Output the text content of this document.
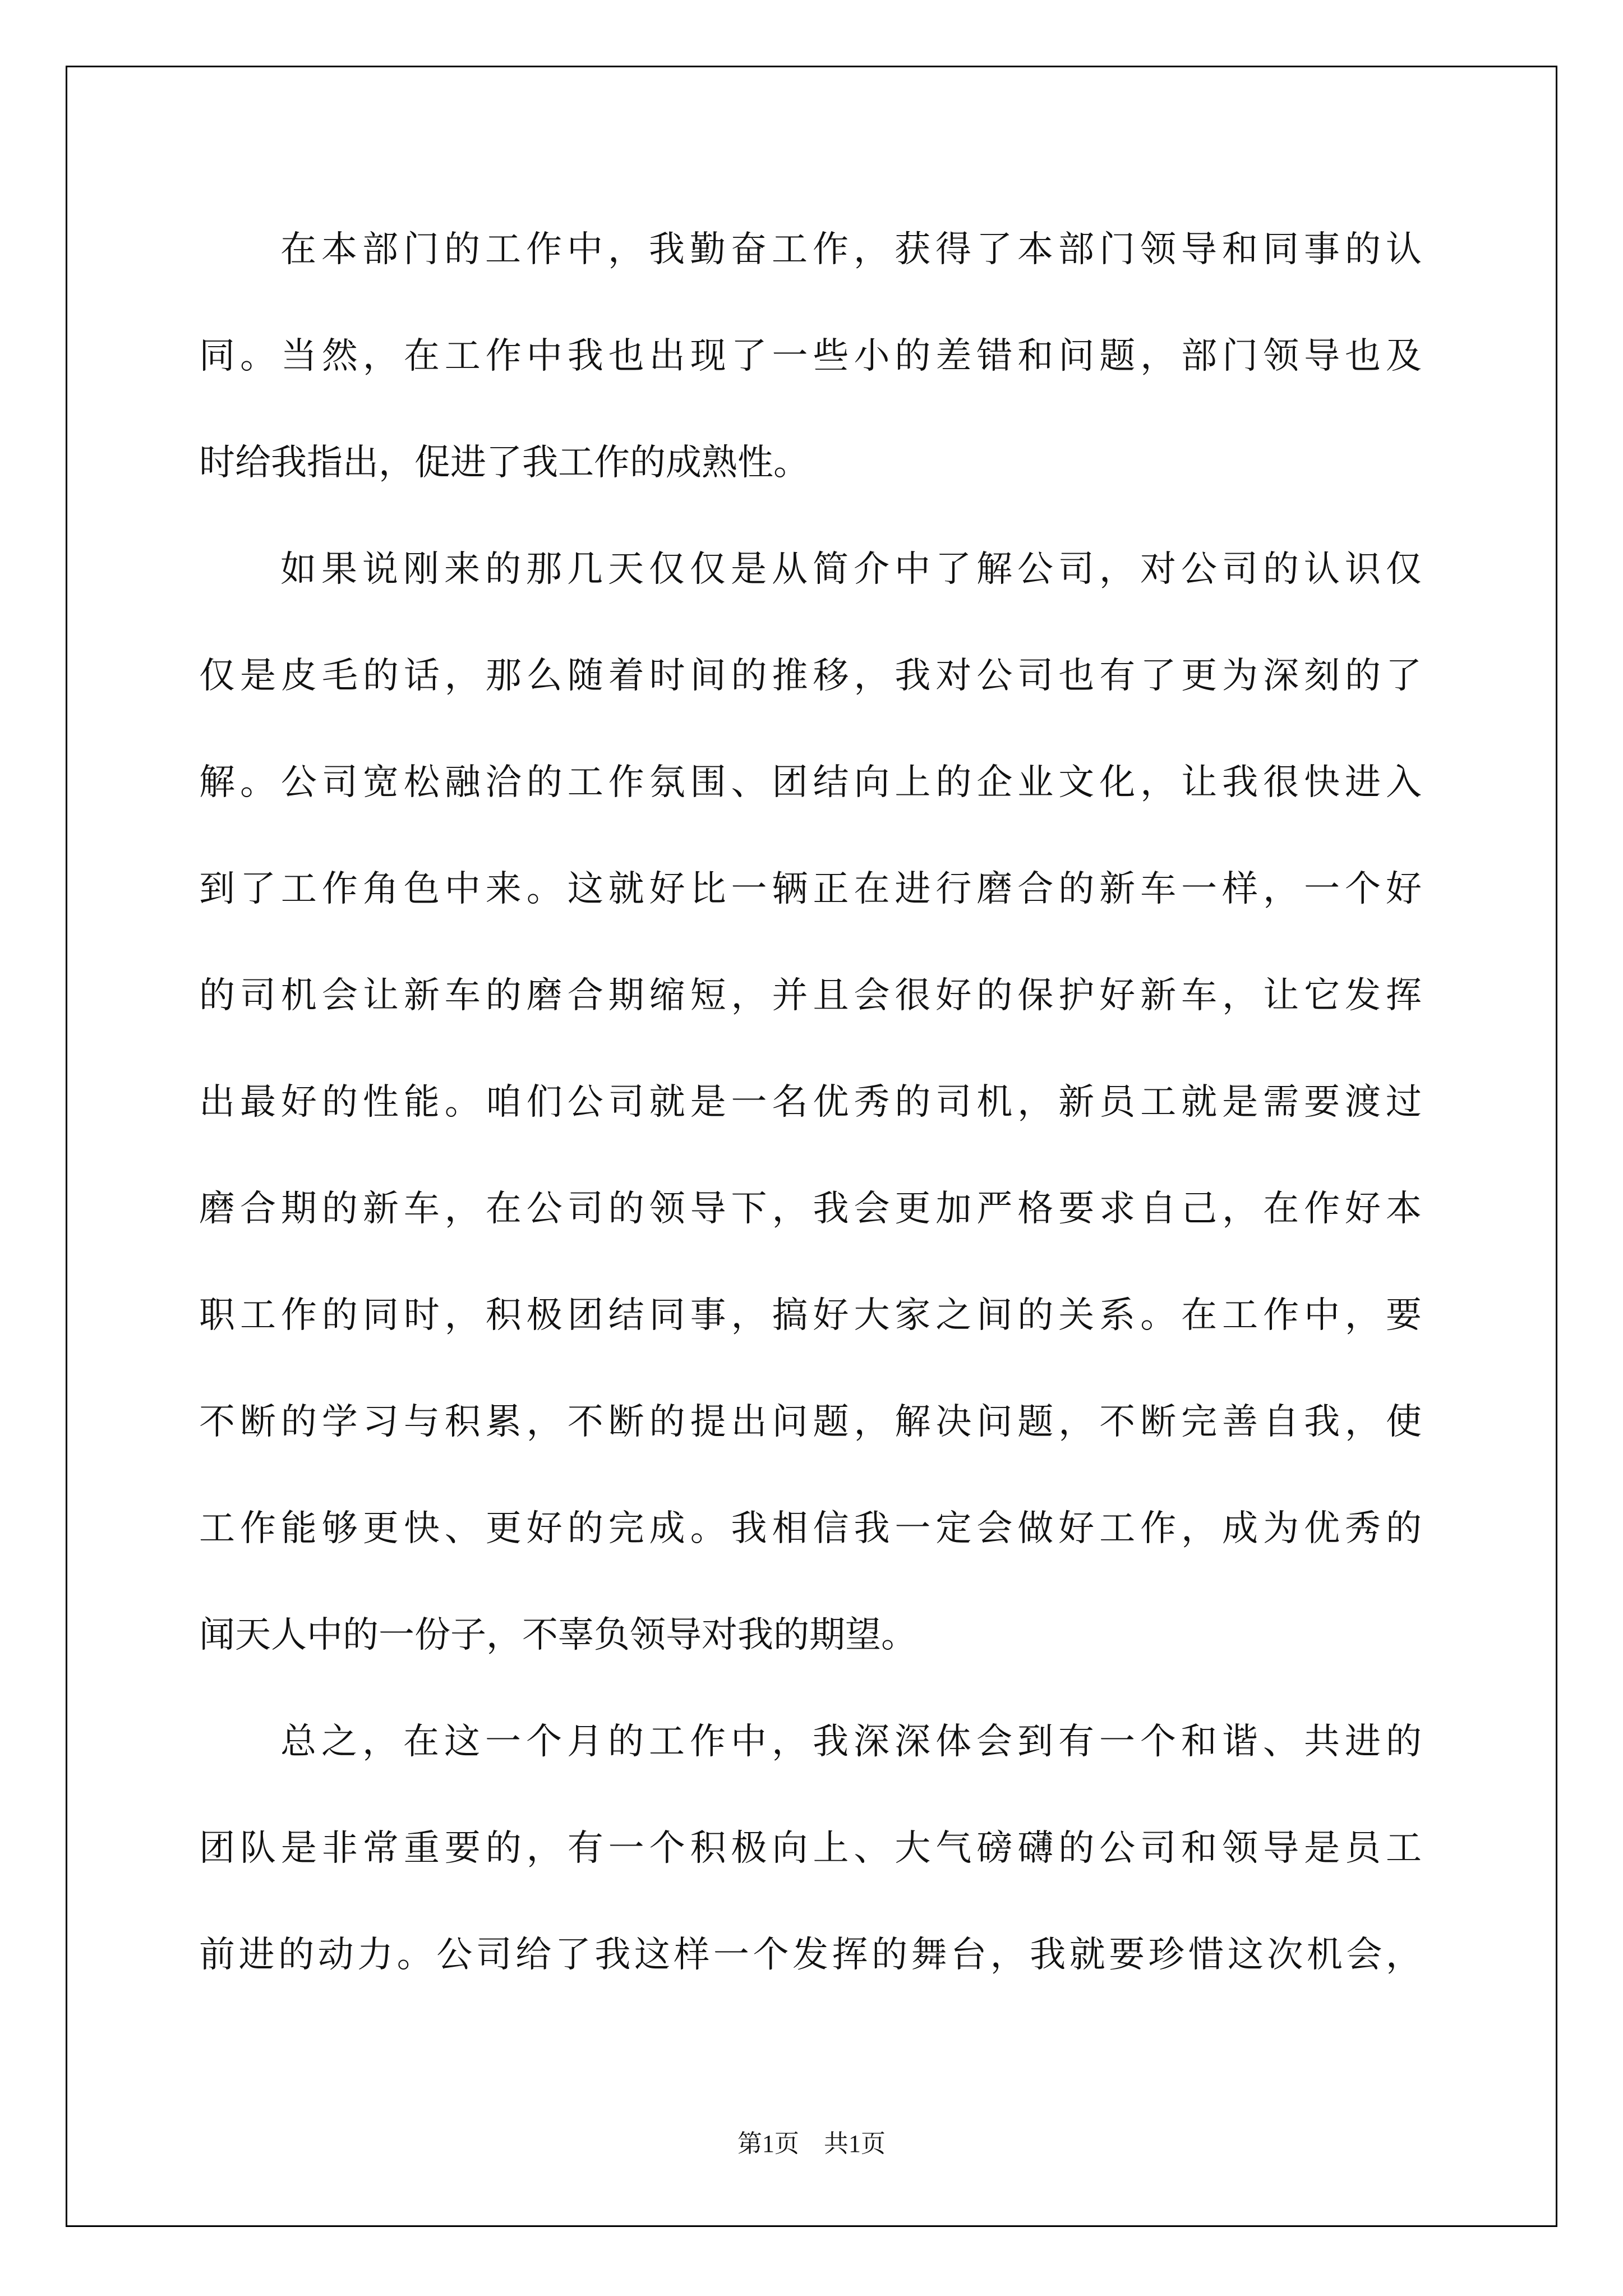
在本部门的工作中，我勤奋工作，获得了本部门领导和同事的认
同。当然，在工作中我也出现了一些小的差错和问题，部门领导也及
时给我指出，促进了我工作的成熟性。
如果说刚来的那几天仅仅是从简介中了解公司，对公司的认识仅
仅是皮毛的话，那么随着时间的推移，我对公司也有了更为深刻的了
解。公司宽松融洽的工作氛围、团结向上的企业文化，让我很快进入
到了工作角色中来。这就好比一辆正在进行磨合的新车一样，一个好
的司机会让新车的磨合期缩短，并且会很好的保护好新车，让它发挥
出最好的性能。咱们公司就是一名优秀的司机，新员工就是需要渡过
磨合期的新车，在公司的领导下，我会更加严格要求自己，在作好本
职工作的同时，积极团结同事，搞好大家之间的关系。在工作中，要
不断的学习与积累，不断的提出问题，解决问题，不断完善自我，使
工作能够更快、更好的完成。我相信我一定会做好工作，成为优秀的
闻天人中的一份子，不辜负领导对我的期望。
总之，在这一个月的工作中，我深深体会到有一个和谐、共进的
团队是非常重要的，有一个积极向上、大气磅礴的公司和领导是员工
前进的动力。公司给了我这样一个发挥的舞台，我就要珍惜这次机会，
第1页　共1页
